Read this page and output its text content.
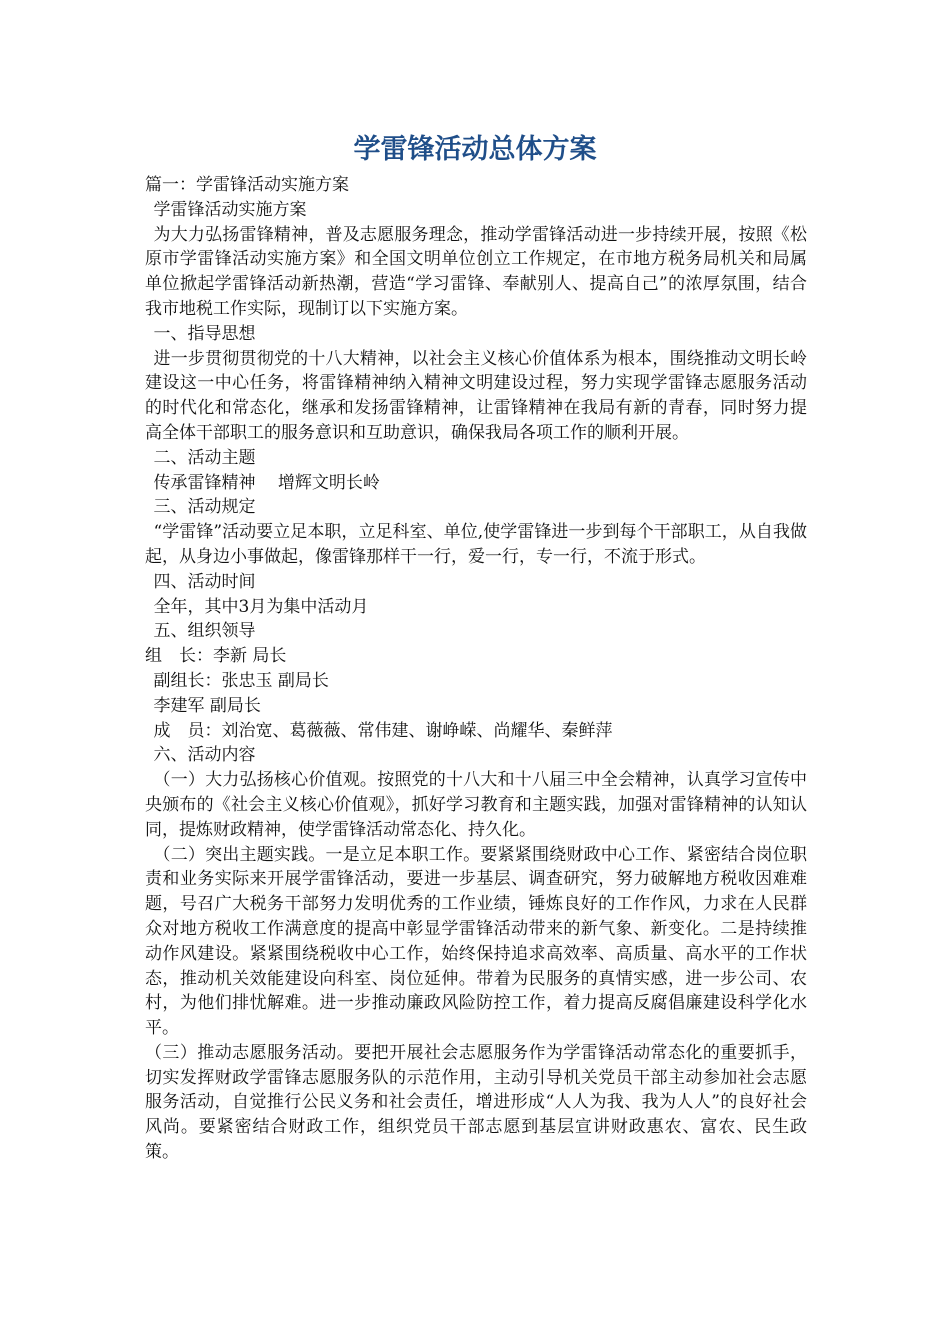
学雷锋活动总体方案

篇一：学雷锋活动实施方案

学雷锋活动实施方案

为大力弘扬雷锋精神，普及志愿服务理念，推动学雷锋活动进一步持续开展，按照《松原市学雷锋活动实施方案》和全国文明单位创立工作规定，在市地方税务局机关和局属单位掀起学雷锋活动新热潮，营造“学习雷锋、奉献别人、提高自己”的浓厚氛围，结合我市地税工作实际，现制订以下实施方案。

一、指导思想

进一步贯彻贯彻党的十八大精神，以社会主义核心价值体系为根本，围绕推动文明长岭建设这一中心任务，将雷锋精神纳入精神文明建设过程，努力实现学雷锋志愿服务活动的时代化和常态化，继承和发扬雷锋精神，让雷锋精神在我局有新的青春，同时努力提高全体干部职工的服务意识和互助意识，确保我局各项工作的顺利开展。

二、活动主题

传承雷锋精神　 增辉文明长岭

三、活动规定

“学雷锋”活动要立足本职，立足科室、单位,使学雷锋进一步到每个干部职工，从自我做起，从身边小事做起，像雷锋那样干一行，爱一行，专一行，不流于形式。

四、活动时间

全年，其中3月为集中活动月

五、组织领导

组　长：李新 局长

副组长：张忠玉 副局长

李建军 副局长

成　员：刘治宽、葛薇薇、常伟建、谢峥嵘、尚耀华、秦鲜萍

六、活动内容

（一）大力弘扬核心价值观。按照党的十八大和十八届三中全会精神，认真学习宣传中央颁布的《社会主义核心价值观》，抓好学习教育和主题实践，加强对雷锋精神的认知认同，提炼财政精神，使学雷锋活动常态化、持久化。

（二）突出主题实践。一是立足本职工作。要紧紧围绕财政中心工作、紧密结合岗位职责和业务实际来开展学雷锋活动，要进一步基层、调查研究，努力破解地方税收因难难题，号召广大税务干部努力发明优秀的工作业绩，锤炼良好的工作作风，力求在人民群众对地方税收工作满意度的提高中彰显学雷锋活动带来的新气象、新变化。二是持续推动作风建设。紧紧围绕税收中心工作，始终保持追求高效率、高质量、高水平的工作状态，推动机关效能建设向科室、岗位延伸。带着为民服务的真情实感，进一步公司、农村，为他们排忧解难。进一步推动廉政风险防控工作，着力提高反腐倡廉建设科学化水平。

（三）推动志愿服务活动。要把开展社会志愿服务作为学雷锋活动常态化的重要抓手，切实发挥财政学雷锋志愿服务队的示范作用，主动引导机关党员干部主动参加社会志愿服务活动，自觉推行公民义务和社会责任，增进形成“人人为我、我为人人”的良好社会风尚。要紧密结合财政工作，组织党员干部志愿到基层宣讲财政惠农、富农、民生政策。
